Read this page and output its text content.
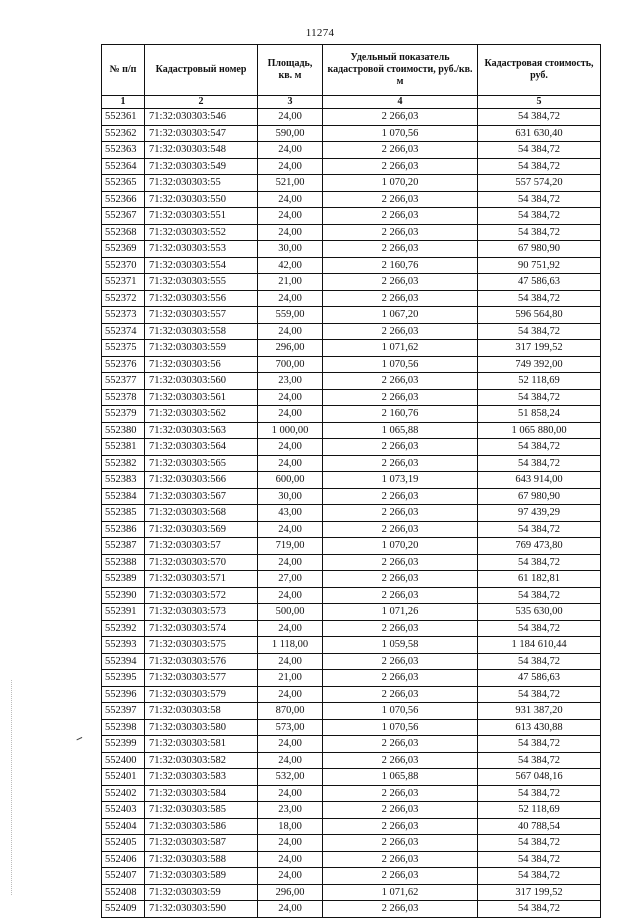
11274
№ п/п	Кадастровый номер	Площадь, кв. м	Удельный показатель кадастровой стоимости, руб./кв. м	Кадастровая стоимость, руб.
1	2	3	4	5
552361	71:32:030303:546	24,00	2 266,03	54 384,72
552362	71:32:030303:547	590,00	1 070,56	631 630,40
552363	71:32:030303:548	24,00	2 266,03	54 384,72
552364	71:32:030303:549	24,00	2 266,03	54 384,72
552365	71:32:030303:55	521,00	1 070,20	557 574,20
552366	71:32:030303:550	24,00	2 266,03	54 384,72
552367	71:32:030303:551	24,00	2 266,03	54 384,72
552368	71:32:030303:552	24,00	2 266,03	54 384,72
552369	71:32:030303:553	30,00	2 266,03	67 980,90
552370	71:32:030303:554	42,00	2 160,76	90 751,92
552371	71:32:030303:555	21,00	2 266,03	47 586,63
552372	71:32:030303:556	24,00	2 266,03	54 384,72
552373	71:32:030303:557	559,00	1 067,20	596 564,80
552374	71:32:030303:558	24,00	2 266,03	54 384,72
552375	71:32:030303:559	296,00	1 071,62	317 199,52
552376	71:32:030303:56	700,00	1 070,56	749 392,00
552377	71:32:030303:560	23,00	2 266,03	52 118,69
552378	71:32:030303:561	24,00	2 266,03	54 384,72
552379	71:32:030303:562	24,00	2 160,76	51 858,24
552380	71:32:030303:563	1 000,00	1 065,88	1 065 880,00
552381	71:32:030303:564	24,00	2 266,03	54 384,72
552382	71:32:030303:565	24,00	2 266,03	54 384,72
552383	71:32:030303:566	600,00	1 073,19	643 914,00
552384	71:32:030303:567	30,00	2 266,03	67 980,90
552385	71:32:030303:568	43,00	2 266,03	97 439,29
552386	71:32:030303:569	24,00	2 266,03	54 384,72
552387	71:32:030303:57	719,00	1 070,20	769 473,80
552388	71:32:030303:570	24,00	2 266,03	54 384,72
552389	71:32:030303:571	27,00	2 266,03	61 182,81
552390	71:32:030303:572	24,00	2 266,03	54 384,72
552391	71:32:030303:573	500,00	1 071,26	535 630,00
552392	71:32:030303:574	24,00	2 266,03	54 384,72
552393	71:32:030303:575	1 118,00	1 059,58	1 184 610,44
552394	71:32:030303:576	24,00	2 266,03	54 384,72
552395	71:32:030303:577	21,00	2 266,03	47 586,63
552396	71:32:030303:579	24,00	2 266,03	54 384,72
552397	71:32:030303:58	870,00	1 070,56	931 387,20
552398	71:32:030303:580	573,00	1 070,56	613 430,88
552399	71:32:030303:581	24,00	2 266,03	54 384,72
552400	71:32:030303:582	24,00	2 266,03	54 384,72
552401	71:32:030303:583	532,00	1 065,88	567 048,16
552402	71:32:030303:584	24,00	2 266,03	54 384,72
552403	71:32:030303:585	23,00	2 266,03	52 118,69
552404	71:32:030303:586	18,00	2 266,03	40 788,54
552405	71:32:030303:587	24,00	2 266,03	54 384,72
552406	71:32:030303:588	24,00	2 266,03	54 384,72
552407	71:32:030303:589	24,00	2 266,03	54 384,72
552408	71:32:030303:59	296,00	1 071,62	317 199,52
552409	71:32:030303:590	24,00	2 266,03	54 384,72
